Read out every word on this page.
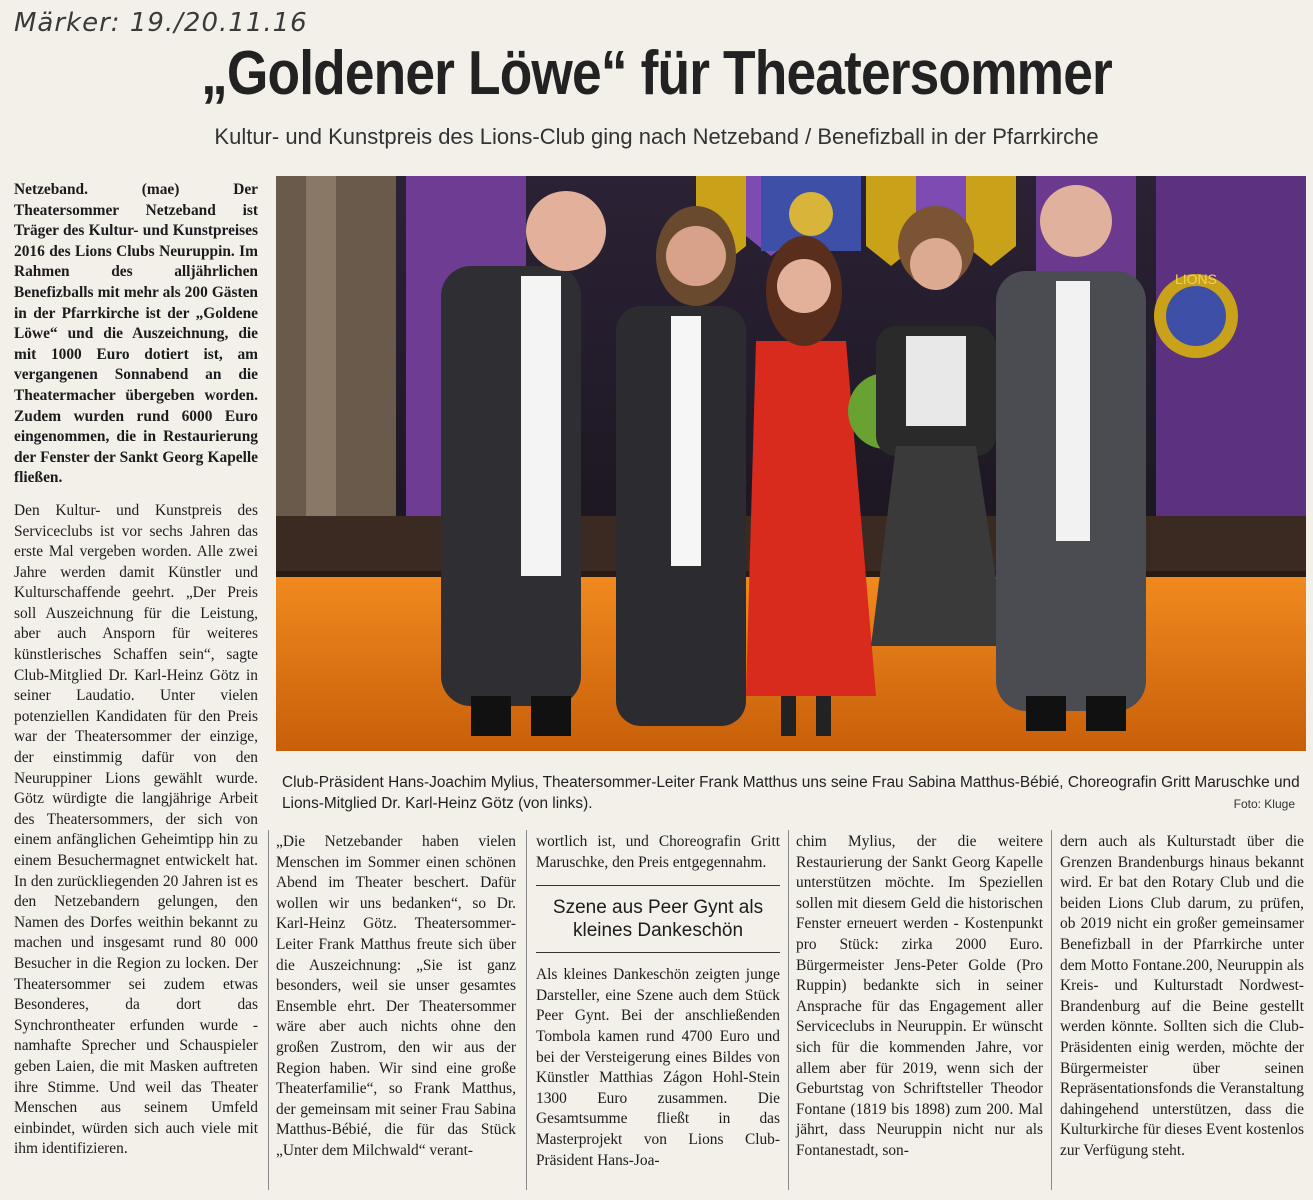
Märker: 19./20.11.16
„Goldener Löwe“ für Theatersommer
Kultur- und Kunstpreis des Lions-Club ging nach Netzeband / Benefizball in der Pfarrkirche

Netzeband. (mae) Der Theatersommer Netzeband ist Träger des Kultur- und Kunstpreises 2016 des Lions Clubs Neuruppin. Im Rahmen des alljährlichen Benefizballs mit mehr als 200 Gästen in der Pfarrkirche ist der „Goldene Löwe“ und die Auszeichnung, die mit 1000 Euro dotiert ist, am vergangenen Sonnabend an die Theatermacher übergeben worden. Zudem wurden rund 6000 Euro eingenommen, die in Restaurierung der Fenster der Sankt Georg Kapelle fließen.

Den Kultur- und Kunstpreis des Serviceclubs ist vor sechs Jahren das erste Mal vergeben worden. Alle zwei Jahre werden damit Künstler und Kulturschaffende geehrt. „Der Preis soll Auszeichnung für die Leistung, aber auch Ansporn für weiteres künstlerisches Schaffen sein“, sagte Club-Mitglied Dr. Karl-Heinz Götz in seiner Laudatio. Unter vielen potenziellen Kandidaten für den Preis war der Theatersommer der einzige, der einstimmig dafür von den Neuruppiner Lions gewählt wurde. Götz würdigte die langjährige Arbeit des Theatersommers, der sich von einem anfänglichen Geheimtipp hin zu einem Besuchermagnet entwickelt hat. In den zurückliegenden 20 Jahren ist es den Netzebandern gelungen, den Namen des Dorfes weithin bekannt zu machen und insgesamt rund 80 000 Besucher in die Region zu locken. Der Theatersommer sei zudem etwas Besonderes, da dort das Synchrontheater erfunden wurde - namhafte Sprecher und Schauspieler geben Laien, die mit Masken auftreten ihre Stimme. Und weil das Theater Menschen aus seinem Umfeld einbindet, würden sich auch viele mit ihm identifizieren.

LIONS
Club-Präsident Hans-Joachim Mylius, Theatersommer-Leiter Frank Matthus uns seine Frau Sabina Matthus-Bébié, Choreografin Gritt Maruschke und Lions-Mitglied Dr. Karl-Heinz Götz (von links).	Foto: Kluge

„Die Netzebander haben vielen Menschen im Sommer einen schönen Abend im Theater beschert. Dafür wollen wir uns bedanken“, so Dr. Karl-Heinz Götz. Theatersommer-Leiter Frank Matthus freute sich über die Auszeichnung: „Sie ist ganz besonders, weil sie unser gesamtes Ensemble ehrt. Der Theatersommer wäre aber auch nichts ohne den großen Zustrom, den wir aus der Region haben. Wir sind eine große Theaterfamilie“, so Frank Matthus, der gemeinsam mit seiner Frau Sabina Matthus-Bébié, die für das Stück „Unter dem Milchwald“ verant-

wortlich ist, und Choreografin Gritt Maruschke, den Preis entgegennahm.

Szene aus Peer Gynt als kleines Dankeschön

Als kleines Dankeschön zeigten junge Darsteller, eine Szene auch dem Stück Peer Gynt. Bei der anschließenden Tombola kamen rund 4700 Euro und bei der Versteigerung eines Bildes von Künstler Matthias Zágon Hohl-Stein 1300 Euro zusammen. Die Gesamtsumme fließt in das Masterprojekt von Lions Club-Präsident Hans-Joa-

chim Mylius, der die weitere Restaurierung der Sankt Georg Kapelle unterstützen möchte. Im Speziellen sollen mit diesem Geld die historischen Fenster erneuert werden - Kostenpunkt pro Stück: zirka 2000 Euro. Bürgermeister Jens-Peter Golde (Pro Ruppin) bedankte sich in seiner Ansprache für das Engagement aller Serviceclubs in Neuruppin. Er wünscht sich für die kommenden Jahre, vor allem aber für 2019, wenn sich der Geburtstag von Schriftsteller Theodor Fontane (1819 bis 1898) zum 200. Mal jährt, dass Neuruppin nicht nur als Fontanestadt, son-

dern auch als Kulturstadt über die Grenzen Brandenburgs hinaus bekannt wird. Er bat den Rotary Club und die beiden Lions Club darum, zu prüfen, ob 2019 nicht ein großer gemeinsamer Benefizball in der Pfarrkirche unter dem Motto Fontane.200, Neuruppin als Kreis- und Kulturstadt Nordwest-Brandenburg auf die Beine gestellt werden könnte. Sollten sich die Club-Präsidenten einig werden, möchte der Bürgermeister über seinen Repräsentationsfonds die Veranstaltung dahingehend unterstützen, dass die Kulturkirche für dieses Event kostenlos zur Verfügung steht.
